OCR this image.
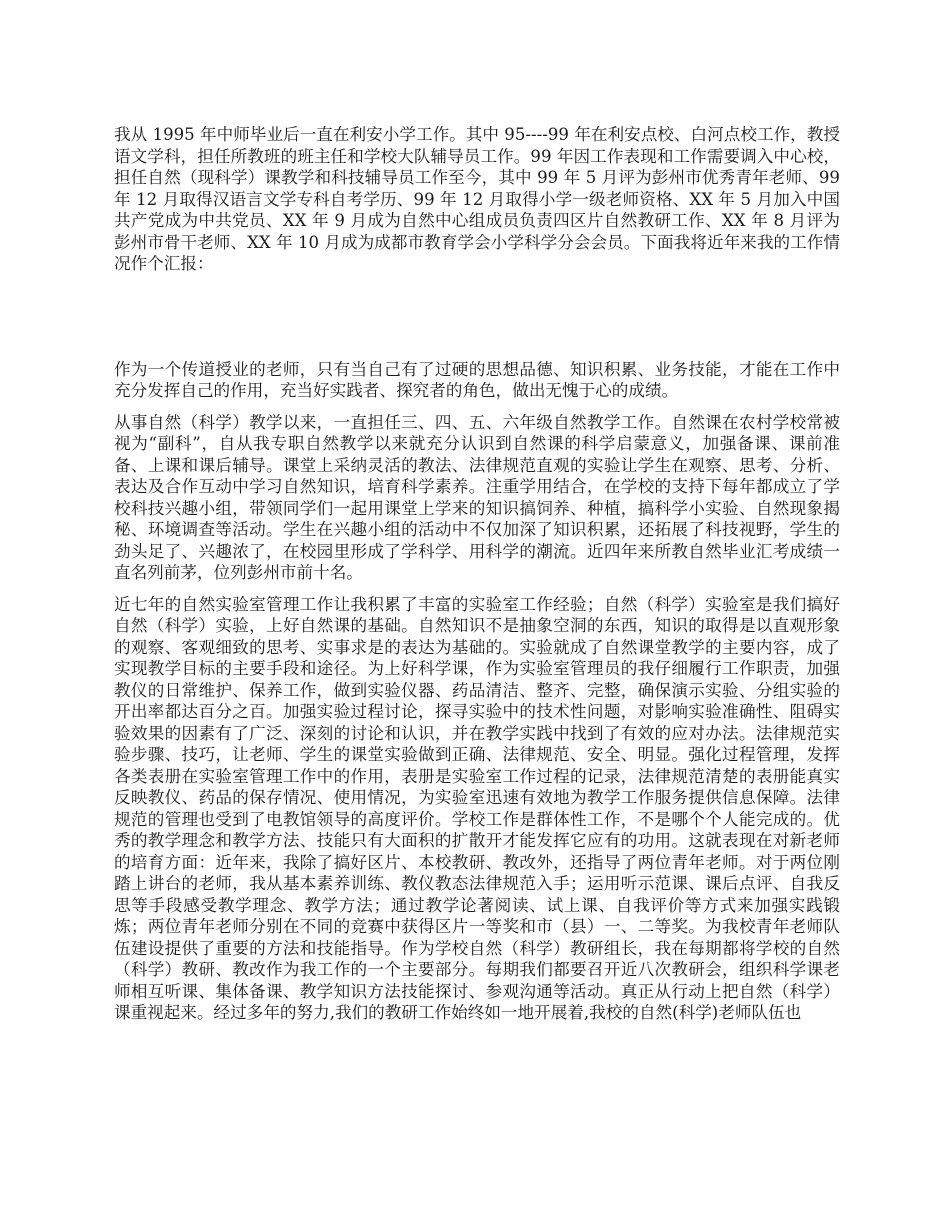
我从 1995 年中师毕业后一直在利安小学工作。其中 95----99 年在利安点校、白河点校工作，教授语文学科，担任所教班的班主任和学校大队辅导员工作。99 年因工作表现和工作需要调入中心校，担任自然（现科学）课教学和科技辅导员工作至今，其中 99 年 5 月评为彭州市优秀青年老师、99 年 12 月取得汉语言文学专科自考学历、99 年 12 月取得小学一级老师资格、XX 年 5 月加入中国共产党成为中共党员、XX 年 9 月成为自然中心组成员负责四区片自然教研工作、XX 年 8 月评为彭州市骨干老师、XX 年 10 月成为成都市教育学会小学科学分会会员。下面我将近年来我的工作情况作个汇报：

作为一个传道授业的老师，只有当自己有了过硬的思想品德、知识积累、业务技能，才能在工作中充分发挥自己的作用，充当好实践者、探究者的角色，做出无愧于心的成绩。

从事自然（科学）教学以来，一直担任三、四、五、六年级自然教学工作。自然课在农村学校常被视为“副科”，自从我专职自然教学以来就充分认识到自然课的科学启蒙意义，加强备课、课前准备、上课和课后辅导。课堂上采纳灵活的教法、法律规范直观的实验让学生在观察、思考、分析、表达及合作互动中学习自然知识，培育科学素养。注重学用结合，在学校的支持下每年都成立了学校科技兴趣小组，带领同学们一起用课堂上学来的知识搞饲养、种植，搞科学小实验、自然现象揭秘、环境调查等活动。学生在兴趣小组的活动中不仅加深了知识积累，还拓展了科技视野，学生的劲头足了、兴趣浓了，在校园里形成了学科学、用科学的潮流。近四年来所教自然毕业汇考成绩一直名列前茅，位列彭州市前十名。

近七年的自然实验室管理工作让我积累了丰富的实验室工作经验；自然（科学）实验室是我们搞好自然（科学）实验，上好自然课的基础。自然知识不是抽象空洞的东西，知识的取得是以直观形象的观察、客观细致的思考、实事求是的表达为基础的。实验就成了自然课堂教学的主要内容，成了实现教学目标的主要手段和途径。为上好科学课，作为实验室管理员的我仔细履行工作职责，加强教仪的日常维护、保养工作，做到实验仪器、药品清洁、整齐、完整，确保演示实验、分组实验的开出率都达百分之百。加强实验过程讨论，探寻实验中的技术性问题，对影响实验准确性、阻碍实验效果的因素有了广泛、深刻的讨论和认识，并在教学实践中找到了有效的应对办法。法律规范实验步骤、技巧，让老师、学生的课堂实验做到正确、法律规范、安全、明显。强化过程管理，发挥各类表册在实验室管理工作中的作用，表册是实验室工作过程的记录，法律规范清楚的表册能真实反映教仪、药品的保存情况、使用情况，为实验室迅速有效地为教学工作服务提供信息保障。法律规范的管理也受到了电教馆领导的高度评价。学校工作是群体性工作，不是哪个个人能完成的。优秀的教学理念和教学方法、技能只有大面积的扩散开才能发挥它应有的功用。这就表现在对新老师的培育方面：近年来，我除了搞好区片、本校教研、教改外，还指导了两位青年老师。对于两位刚踏上讲台的老师，我从基本素养训练、教仪教态法律规范入手；运用听示范课、课后点评、自我反思等手段感受教学理念、教学方法；通过教学论著阅读、试上课、自我评价等方式来加强实践锻炼；两位青年老师分别在不同的竞赛中获得区片一等奖和市（县）一、二等奖。为我校青年老师队伍建设提供了重要的方法和技能指导。作为学校自然（科学）教研组长，我在每期都将学校的自然（科学）教研、教改作为我工作的一个主要部分。每期我们都要召开近八次教研会，组织科学课老师相互听课、集体备课、教学知识方法技能探讨、参观沟通等活动。真正从行动上把自然（科学）课重视起来。经过多年的努力,我们的教研工作始终如一地开展着,我校的自然(科学)老师队伍也
